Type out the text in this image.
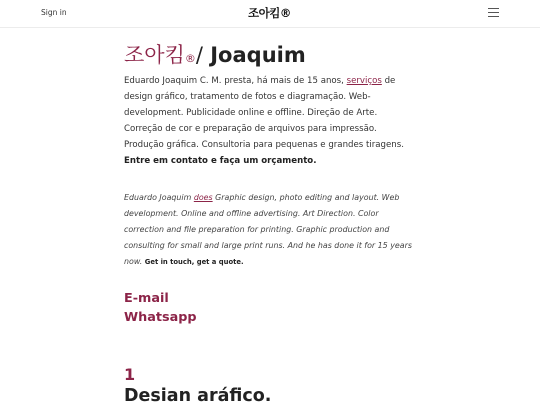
Sign in	조아킴®
조아킴®/ Joaquim

Eduardo Joaquim C. M. presta, há mais de 15 anos, serviços de design gráfico, tratamento de fotos e diagramação. Web-development. Publicidade online e offline. Direção de Arte. Correção de cor e preparação de arquivos para impressão. Produção gráfica. Consultoria para pequenas e grandes tiragens. Entre em contato e faça um orçamento.

Eduardo Joaquim does Graphic design, photo editing and layout. Web development. Online and offline advertising. Art Direction. Color correction and file preparation for printing. Graphic production and consulting for small and large print runs. And he has done it for 15 years now. Get in touch, get a quote.

E-mail
Whatsapp
1
Desian aráfico.
